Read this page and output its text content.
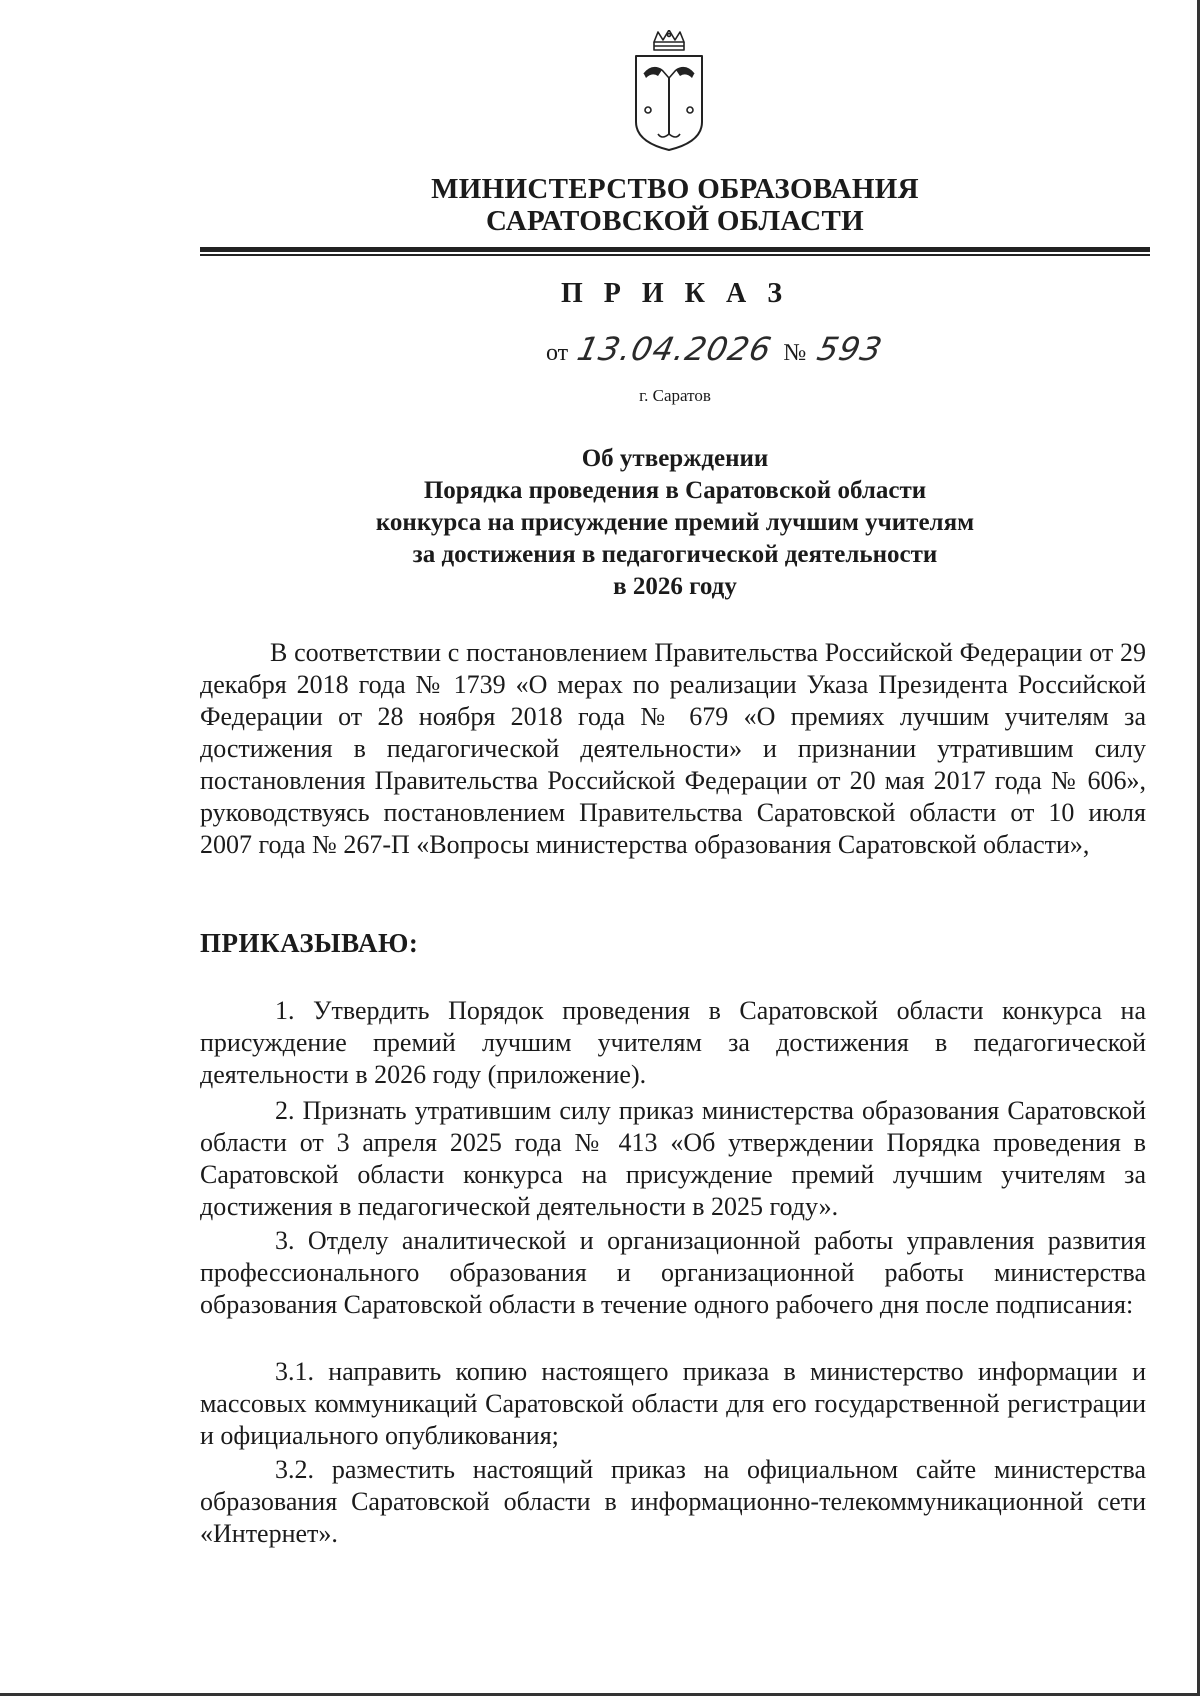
МИНИСТЕРСТВО ОБРАЗОВАНИЯ
САРАТОВСКОЙ ОБЛАСТИ
П Р И К А З
от 13.04.2026 № 593
г. Саратов
Об утверждении
Порядка проведения в Саратовской области
конкурса на присуждение премий лучшим учителям
за достижения в педагогической деятельности
в 2026 году

В соответствии с постановлением Правительства Российской Федерации от 29 декабря 2018 года № 1739 «О мерах по реализации Указа Президента Российской Федерации от 28 ноября 2018 года № 679 «О премиях лучшим учителям за достижения в педагогической деятельности» и признании утратившим силу постановления Правительства Российской Федерации от 20 мая 2017 года № 606», руководствуясь постановлением Правительства Саратовской области от 10 июля 2007 года № 267-П «Вопросы министерства образования Саратовской области»,

ПРИКАЗЫВАЮ:

1. Утвердить Порядок проведения в Саратовской области конкурса на присуждение премий лучшим учителям за достижения в педагогической деятельности в 2026 году (приложение).

2. Признать утратившим силу приказ министерства образования Саратовской области от 3 апреля 2025 года № 413 «Об утверждении Порядка проведения в Саратовской области конкурса на присуждение премий лучшим учителям за достижения в педагогической деятельности в 2025 году».

3. Отделу аналитической и организационной работы управления развития профессионального образования и организационной работы министерства образования Саратовской области в течение одного рабочего дня после подписания:

3.1. направить копию настоящего приказа в министерство информации и массовых коммуникаций Саратовской области для его государственной регистрации и официального опубликования;

3.2. разместить настоящий приказ на официальном сайте министерства образования Саратовской области в информационно-телекоммуникационной сети «Интернет».
